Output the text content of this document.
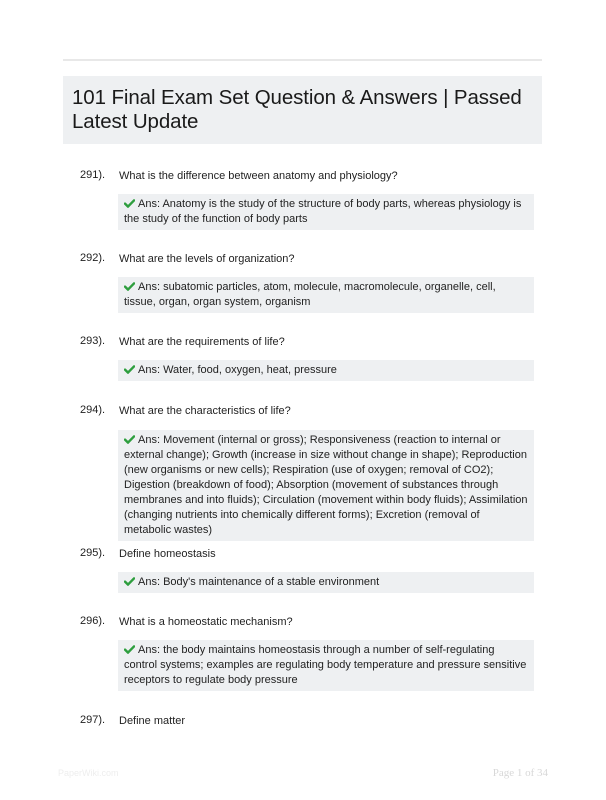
101 Final Exam Set Question & Answers | Passed Latest Update
291). What is the difference between anatomy and physiology?
Ans: Anatomy is the study of the structure of body parts, whereas physiology is the study of the function of body parts
292). What are the levels of organization?
Ans: subatomic particles, atom, molecule, macromolecule, organelle, cell, tissue, organ, organ system, organism
293). What are the requirements of life?
Ans: Water, food, oxygen, heat, pressure
294). What are the characteristics of life?
Ans: Movement (internal or gross); Responsiveness (reaction to internal or external change); Growth (increase in size without change in shape); Reproduction (new organisms or new cells); Respiration (use of oxygen; removal of CO2); Digestion (breakdown of food); Absorption (movement of substances through membranes and into fluids); Circulation (movement within body fluids); Assimilation (changing nutrients into chemically different forms); Excretion (removal of metabolic wastes)
295). Define homeostasis
Ans: Body's maintenance of a stable environment
296). What is a homeostatic mechanism?
Ans: the body maintains homeostasis through a number of self-regulating control systems; examples are regulating body temperature and pressure sensitive receptors to regulate body pressure
297). Define matter
PaperWiki.com	Page 1 of 34
